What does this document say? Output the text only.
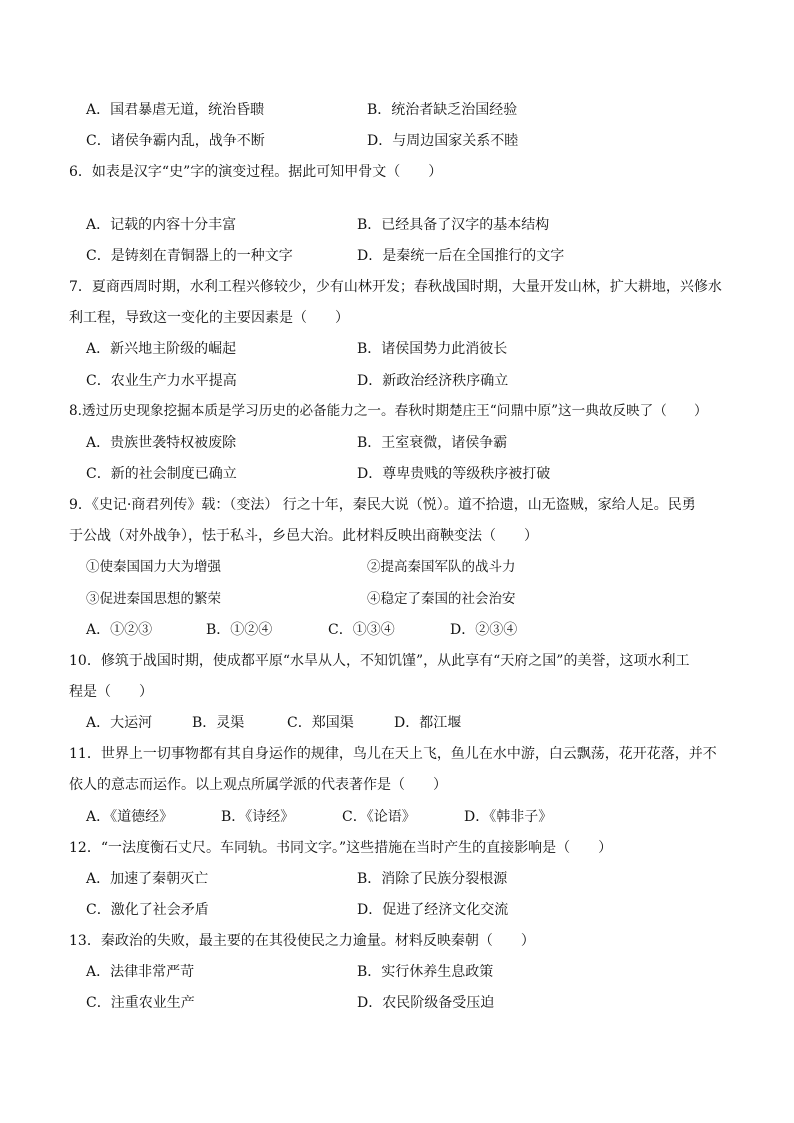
A．国君暴虐无道，统治昏聩	B．统治者缺乏治国经验
C．诸侯争霸内乱，战争不断	D．与周边国家关系不睦
6．如表是汉字“史”字的演变过程。据此可知甲骨文（　　）
A．记载的内容十分丰富	B．已经具备了汉字的基本结构
C．是铸刻在青铜器上的一种文字	D．是秦统一后在全国推行的文字
7．夏商西周时期，水利工程兴修较少，少有山林开发；春秋战国时期，大量开发山林，扩大耕地，兴修水
利工程，导致这一变化的主要因素是（　　）
A．新兴地主阶级的崛起	B．诸侯国势力此消彼长
C．农业生产力水平提高	D．新政治经济秩序确立
8.透过历史现象挖掘本质是学习历史的必备能力之一。春秋时期楚庄王“问鼎中原”这一典故反映了（　　）
A．贵族世袭特权被废除	B．王室衰微，诸侯争霸
C．新的社会制度已确立	D．尊卑贵贱的等级秩序被打破
9．《史记·商君列传》载：（变法） 行之十年，秦民大说（悦）。道不拾遗，山无盗贼，家给人足。民勇
于公战（对外战争），怯于私斗，乡邑大治。此材料反映出商鞅变法（　　）
①使秦国国力大为增强	②提高秦国军队的战斗力
③促进秦国思想的繁荣	④稳定了秦国的社会治安
A．①②③	B．①②④	C．①③④	D．②③④
10．修筑于战国时期，使成都平原“水旱从人，不知饥馑”，从此享有“天府之国”的美誉，这项水利工
程是（　　）
A．大运河	B．灵渠	C．郑国渠	D．都江堰
11．世界上一切事物都有其自身运作的规律，鸟儿在天上飞，鱼儿在水中游，白云飘荡，花开花落，并不
依人的意志而运作。以上观点所属学派的代表著作是（　　）
A．《道德经》	B．《诗经》	C．《论语》	D．《韩非子》
12．“一法度衡石丈尺。车同轨。书同文字。”这些措施在当时产生的直接影响是（　　）
A．加速了秦朝灭亡	B．消除了民族分裂根源
C．激化了社会矛盾	D．促进了经济文化交流
13．秦政治的失败，最主要的在其役使民之力逾量。材料反映秦朝（　　）
A．法律非常严苛	B．实行休养生息政策
C．注重农业生产	D．农民阶级备受压迫
